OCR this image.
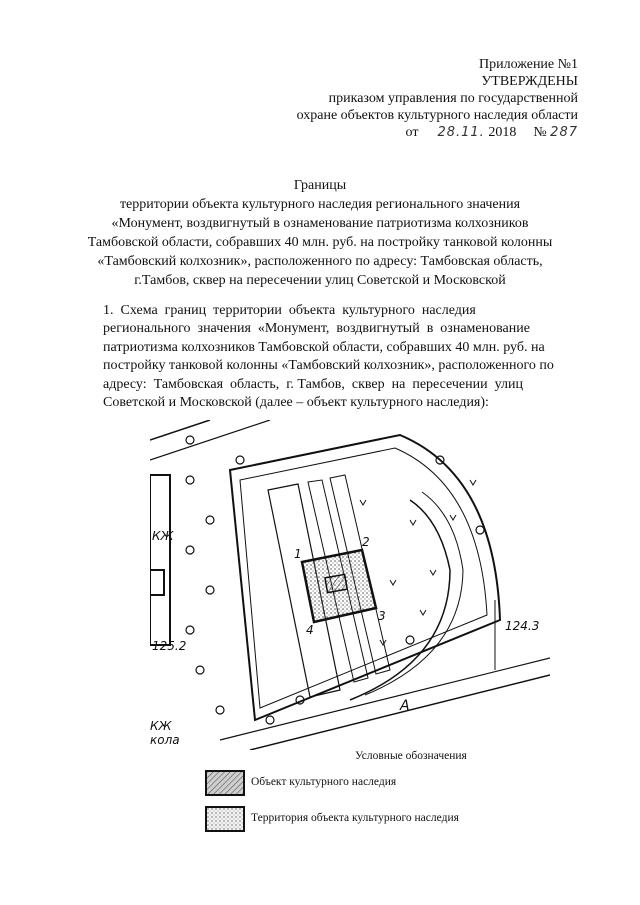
Приложение №1
УТВЕРЖДЕНЫ
приказом управления по государственной
охране объектов культурного наследия области
от 28.11. 2018 № 287
Границы
территории объекта культурного наследия регионального значения
«Монумент, воздвигнутый в ознаменование патриотизма колхозников
Тамбовской области, собравших 40 млн. руб. на постройку танковой колонны
«Тамбовский колхозник», расположенного по адресу: Тамбовская область,
г.Тамбов, сквер на пересечении улиц Советской и Московской
1.  Схема  границ  территории  объекта  культурного  наследия
регионального  значения  «Монумент,  воздвигнутый  в  ознаменование
патриотизма колхозников Тамбовской области, собравших 40 млн. руб. на
постройку танковой колонны «Тамбовский колхозник», расположенного по
адресу:  Тамбовская  область,  г. Тамбов,  сквер  на  пересечении  улиц
Советской и Московской (далее – объект культурного наследия):
КЖ
125.2
КЖ
кола
А
1
2
3
4	124.3
Условные обозначения
Объект культурного наследия
Территория объекта культурного наследия
